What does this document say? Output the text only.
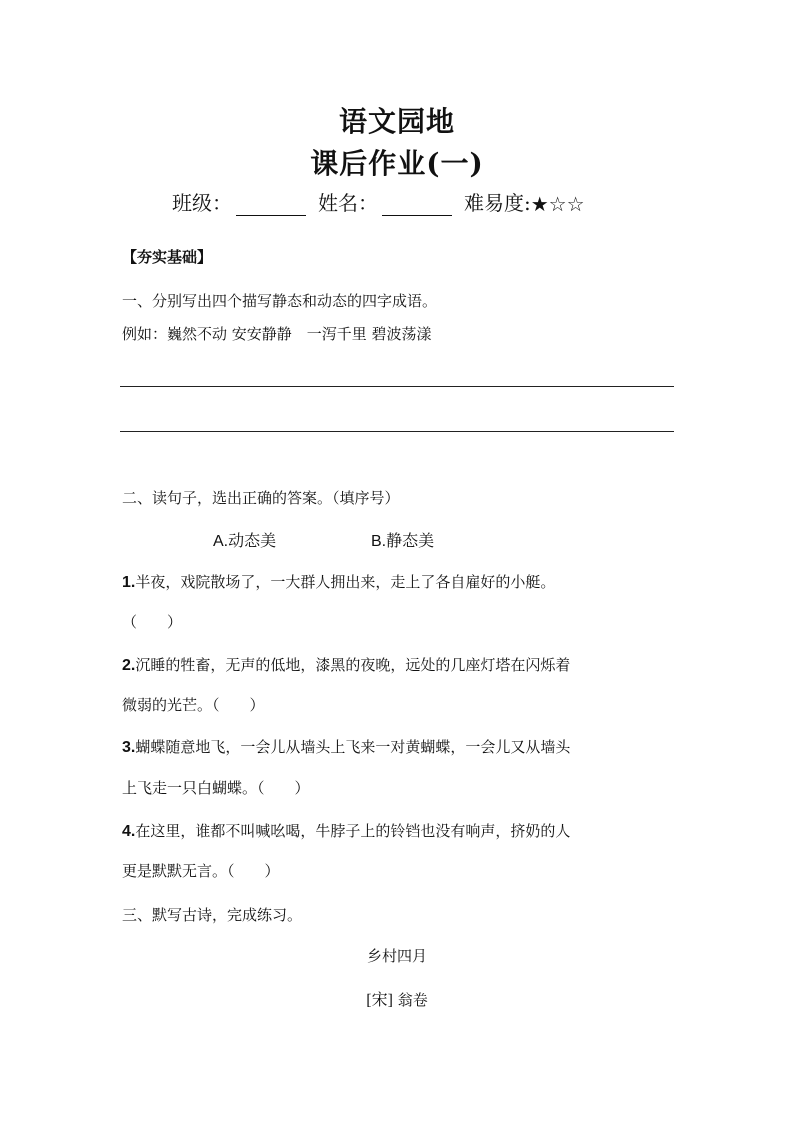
语文园地
课后作业(一)
班级：	姓名：	难易度: ★☆☆
【夯实基础】
一、分别写出四个描写静态和动态的四字成语。
例如：巍然不动 安安静静　一泻千里 碧波荡漾
二、读句子，选出正确的答案。（填序号）
A.动态美	B.静态美
1.半夜，戏院散场了，一大群人拥出来，走上了各自雇好的小艇。
（　　）
2.沉睡的牲畜，无声的低地，漆黑的夜晚，远处的几座灯塔在闪烁着
微弱的光芒。（　　）
3.蝴蝶随意地飞，一会儿从墙头上飞来一对黄蝴蝶，一会儿又从墙头
上飞走一只白蝴蝶。（　　）
4.在这里，谁都不叫喊吆喝，牛脖子上的铃铛也没有响声，挤奶的人
更是默默无言。（　　）
三、默写古诗，完成练习。
乡村四月
[宋] 翁卷
